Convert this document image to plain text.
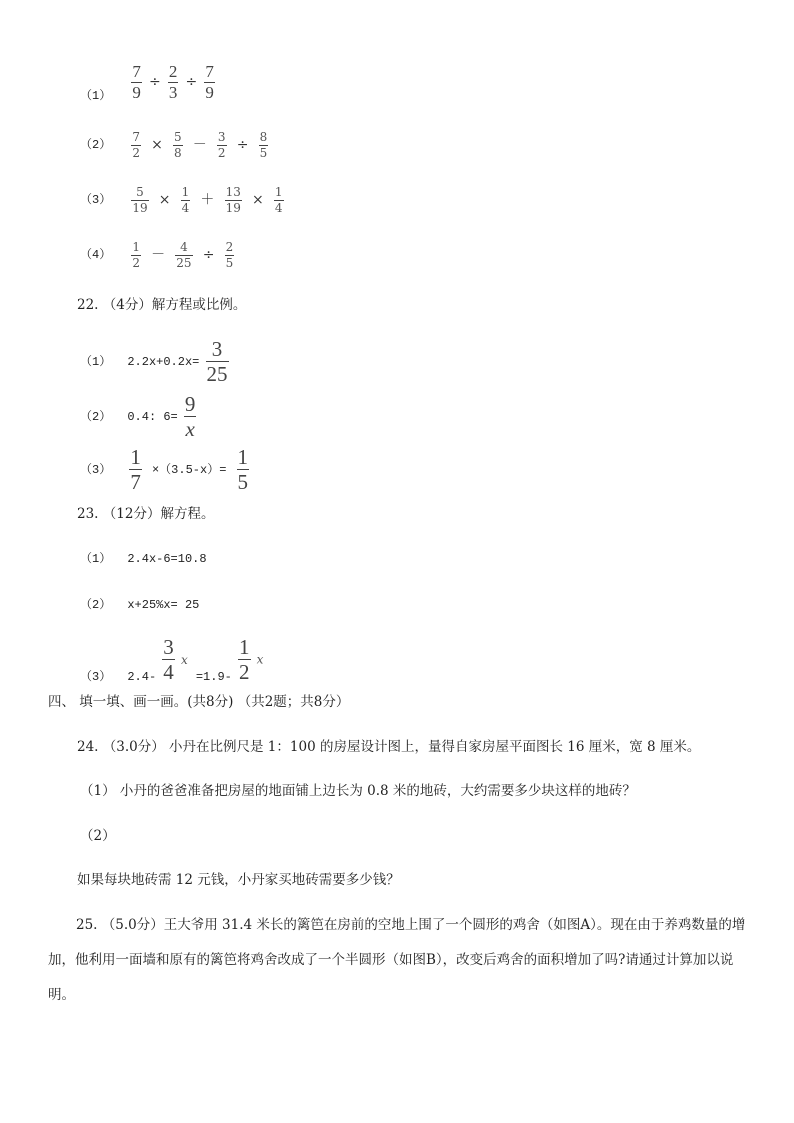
$(1) \frac{7}{9} \div \frac{2}{3} \div \frac{7}{9}$
$(2) \frac{7}{2} \times \frac{5}{8} - \frac{3}{2} \div \frac{8}{5}$
$(3) \frac{5}{19} \times \frac{1}{4} + \frac{13}{19} \times \frac{1}{4}$
$(4) \frac{1}{2} - \frac{4}{25} \div \frac{2}{5}$
22. （4分）解方程或比例。
（1） $2.2x+0.2x= \frac{3}{25}$
（2） 0.4: $6= \frac{9}{x}$
$(3) \frac{1}{7} \times(3.5-x)= \frac{1}{5}$
23. （12分）解方程。
（1） 2.4x-6=10.8
（2） x+25%x= 25
（3） $2.4- \frac{3}{4}$ $x =1.9- \frac{1}{2}$ x
四、 填一填、画一画。(共8分) （共2题；共8分）
24. （3.0分） 小丹在比例尺是 1：100 的房屋设计图上，量得自家房屋平面图长 16 厘米，宽 8 厘米。
（1） 小丹的爸爸准备把房屋的地面铺上边长为 0.8 米的地砖，大约需要多少块这样的地砖？
（2）
如果每块地砖需 12 元钱，小丹家买地砖需要多少钱？
25. （5.0分）王大爷用 31.4 米长的篱笆在房前的空地上围了一个圆形的鸡舍（如图A）。现在由于养鸡数量的增加，他利用一面墙和原有的篱笆将鸡舍改成了一个半圆形（如图B），改变后鸡舍的面积增加了吗?请通过计算加以说明。
